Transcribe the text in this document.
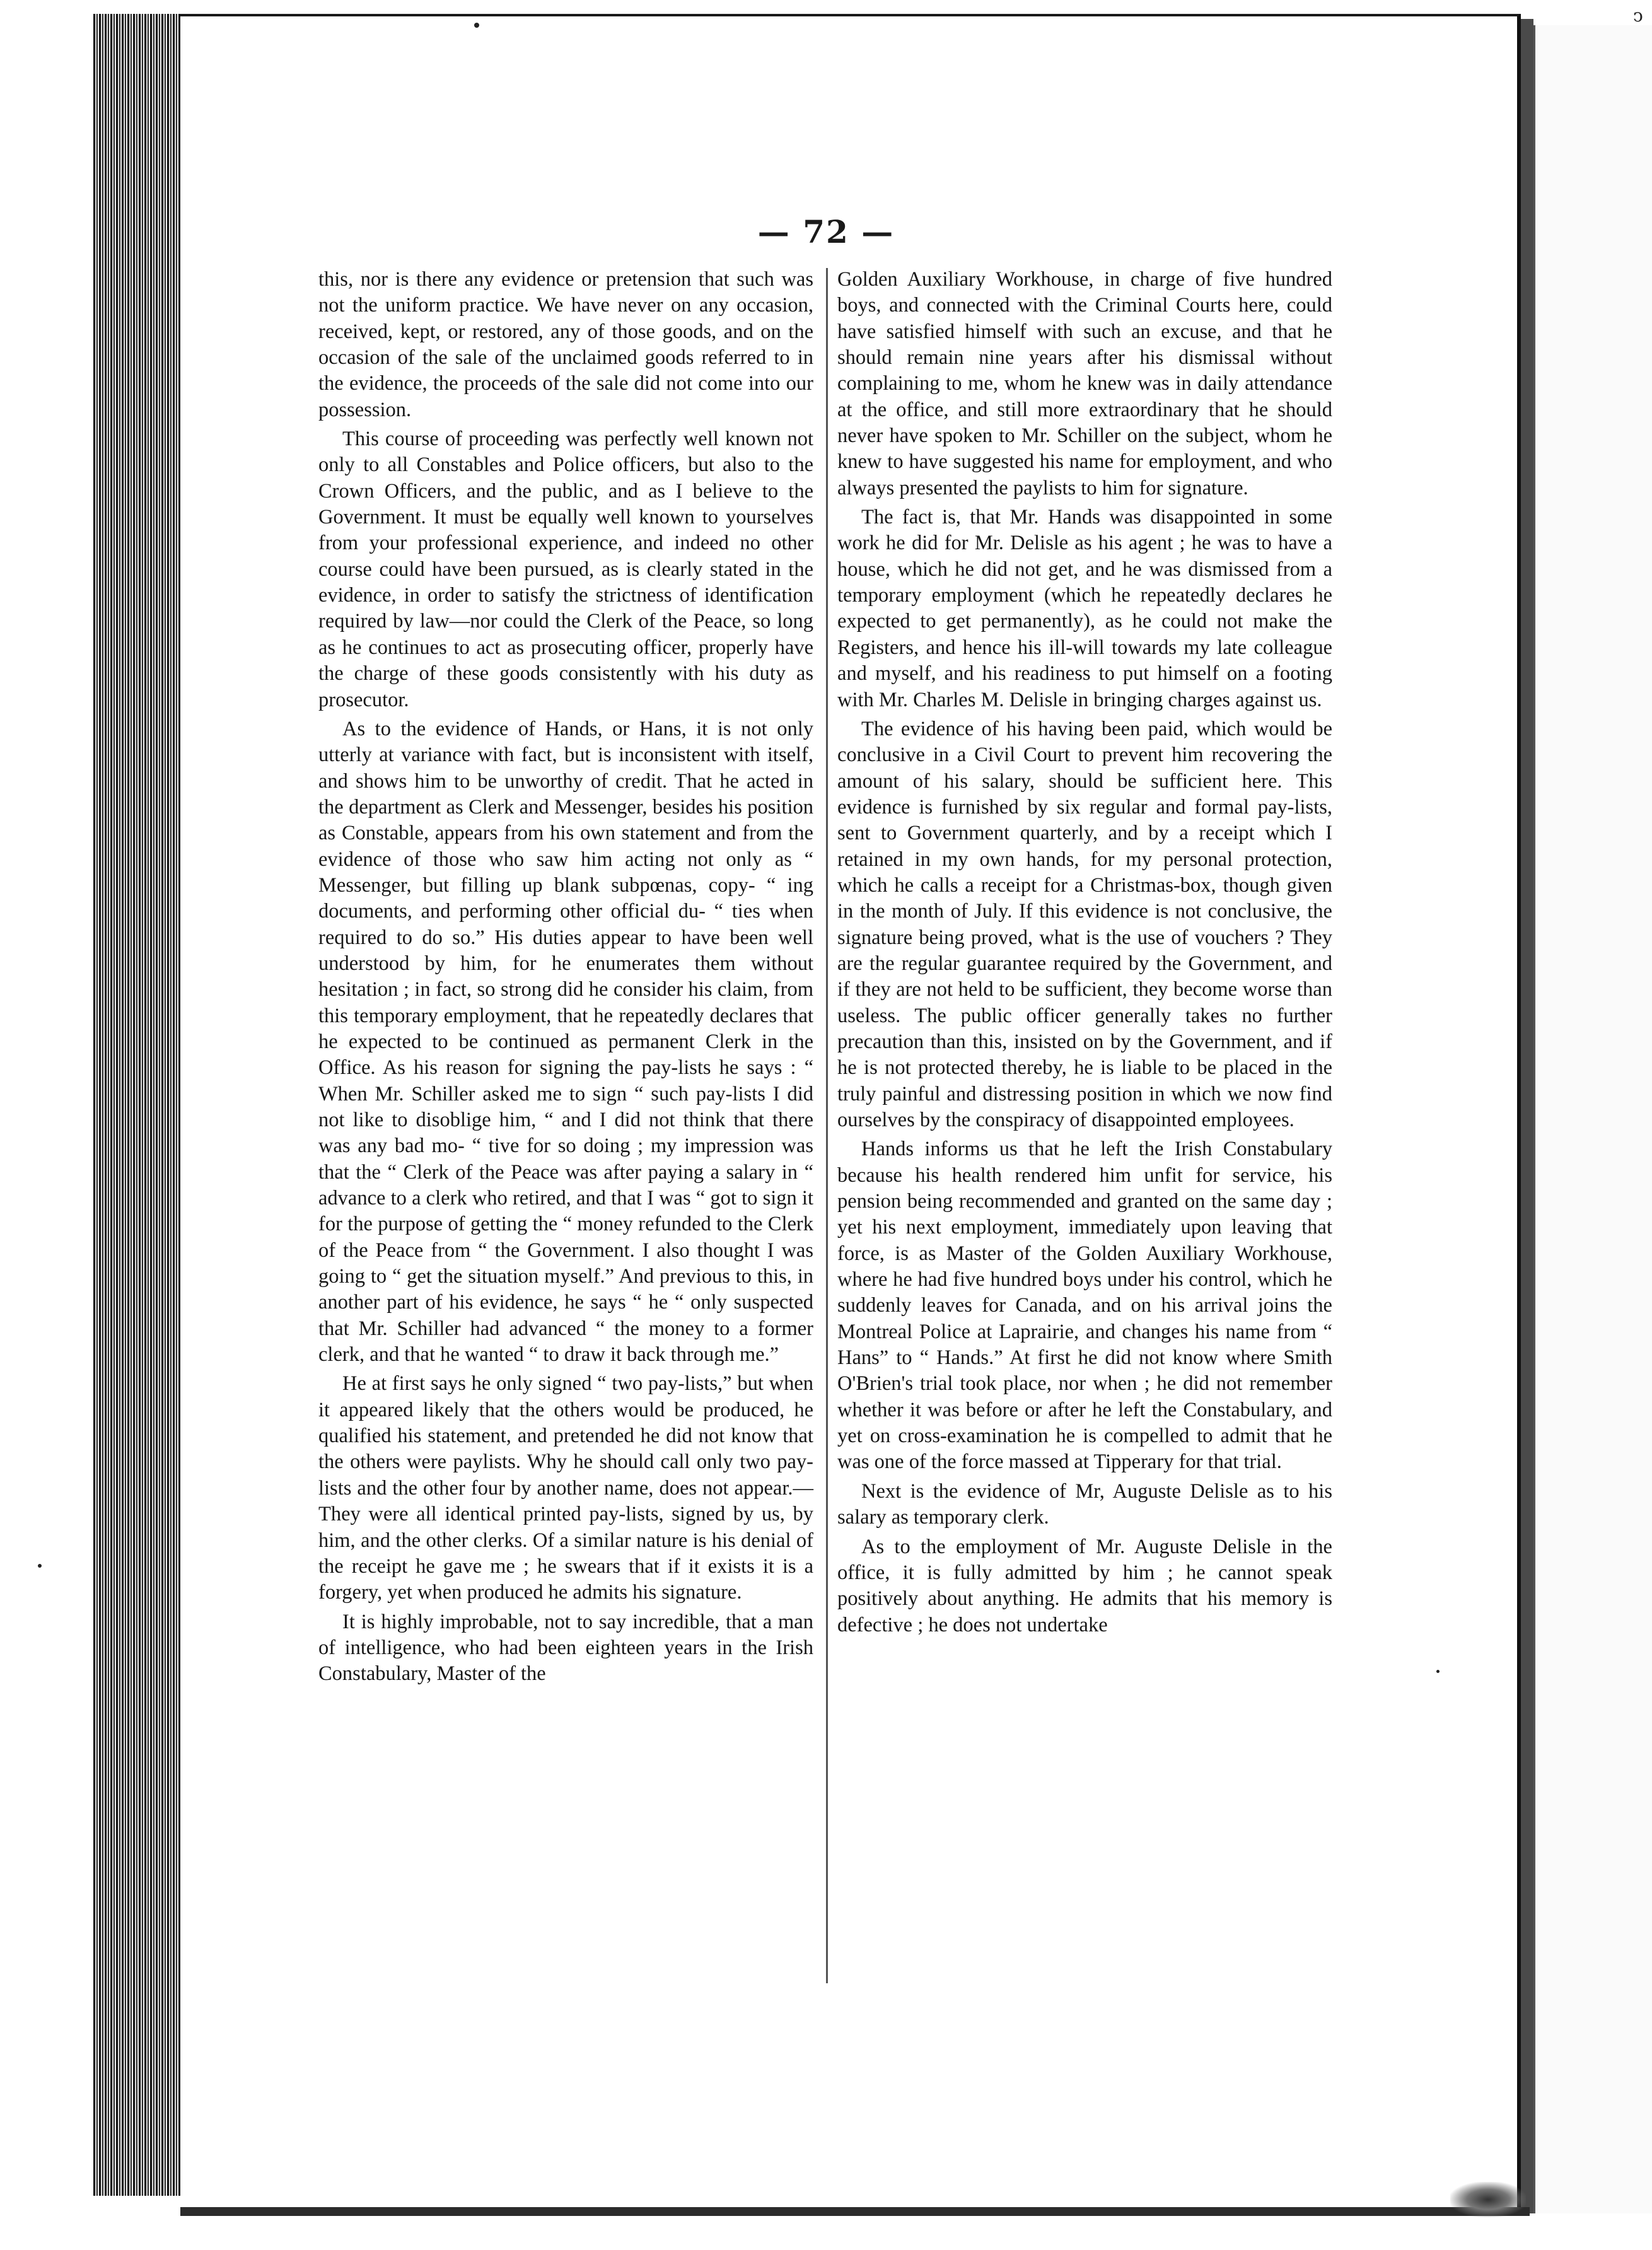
ↄ
— 72 —

this, nor is there any evidence or pretension that such was not the uniform practice. We have never on any occasion, received, kept, or restored, any of those goods, and on the occasion of the sale of the unclaimed goods referred to in the evidence, the proceeds of the sale did not come into our possession.

This course of proceeding was perfectly well known not only to all Constables and Police officers, but also to the Crown Officers, and the public, and as I believe to the Government. It must be equally well known to yourselves from your professional experience, and indeed no other course could have been pursued, as is clearly stated in the evidence, in order to satisfy the strictness of identification required by law—nor could the Clerk of the Peace, so long as he continues to act as prosecuting officer, properly have the charge of these goods consistently with his duty as prosecutor.

As to the evidence of Hands, or Hans, it is not only utterly at variance with fact, but is inconsistent with itself, and shows him to be unworthy of credit. That he acted in the department as Clerk and Messenger, besides his position as Constable, appears from his own statement and from the evidence of those who saw him acting not only as “ Messenger, but filling up blank subpœnas, copy- “ ing documents, and performing other official du- “ ties when required to do so.” His duties appear to have been well understood by him, for he enumerates them without hesitation ; in fact, so strong did he consider his claim, from this temporary employment, that he repeatedly declares that he expected to be continued as permanent Clerk in the Office. As his reason for signing the pay-lists he says : “ When Mr. Schiller asked me to sign “ such pay-lists I did not like to disoblige him, “ and I did not think that there was any bad mo- “ tive for so doing ; my impression was that the “ Clerk of the Peace was after paying a salary in “ advance to a clerk who retired, and that I was “ got to sign it for the purpose of getting the “ money refunded to the Clerk of the Peace from “ the Government. I also thought I was going to “ get the situation myself.” And previous to this, in another part of his evidence, he says “ he “ only suspected that Mr. Schiller had advanced “ the money to a former clerk, and that he wanted “ to draw it back through me.”

He at first says he only signed “ two pay-lists,” but when it appeared likely that the others would be produced, he qualified his statement, and pretended he did not know that the others were paylists. Why he should call only two pay-lists and the other four by another name, does not appear.— They were all identical printed pay-lists, signed by us, by him, and the other clerks. Of a similar nature is his denial of the receipt he gave me ; he swears that if it exists it is a forgery, yet when produced he admits his signature.

It is highly improbable, not to say incredible, that a man of intelligence, who had been eighteen years in the Irish Constabulary, Master of the

Golden Auxiliary Workhouse, in charge of five hundred boys, and connected with the Criminal Courts here, could have satisfied himself with such an excuse, and that he should remain nine years after his dismissal without complaining to me, whom he knew was in daily attendance at the office, and still more extraordinary that he should never have spoken to Mr. Schiller on the subject, whom he knew to have suggested his name for employment, and who always presented the paylists to him for signature.

The fact is, that Mr. Hands was disappointed in some work he did for Mr. Delisle as his agent ; he was to have a house, which he did not get, and he was dismissed from a temporary employment (which he repeatedly declares he expected to get permanently), as he could not make the Registers, and hence his ill-will towards my late colleague and myself, and his readiness to put himself on a footing with Mr. Charles M. Delisle in bringing charges against us.

The evidence of his having been paid, which would be conclusive in a Civil Court to prevent him recovering the amount of his salary, should be sufficient here. This evidence is furnished by six regular and formal pay-lists, sent to Government quarterly, and by a receipt which I retained in my own hands, for my personal protection, which he calls a receipt for a Christmas-box, though given in the month of July. If this evidence is not conclusive, the signature being proved, what is the use of vouchers ? They are the regular guarantee required by the Government, and if they are not held to be sufficient, they become worse than useless. The public officer generally takes no further precaution than this, insisted on by the Government, and if he is not protected thereby, he is liable to be placed in the truly painful and distressing position in which we now find ourselves by the conspiracy of disappointed employees.

Hands informs us that he left the Irish Constabulary because his health rendered him unfit for service, his pension being recommended and granted on the same day ; yet his next employment, immediately upon leaving that force, is as Master of the Golden Auxiliary Workhouse, where he had five hundred boys under his control, which he suddenly leaves for Canada, and on his arrival joins the Montreal Police at Laprairie, and changes his name from “ Hans” to “ Hands.” At first he did not know where Smith O'Brien's trial took place, nor when ; he did not remember whether it was before or after he left the Constabulary, and yet on cross-examination he is compelled to admit that he was one of the force massed at Tipperary for that trial.

Next is the evidence of Mr, Auguste Delisle as to his salary as temporary clerk.

As to the employment of Mr. Auguste Delisle in the office, it is fully admitted by him ; he cannot speak positively about anything. He admits that his memory is defective ; he does not undertake
